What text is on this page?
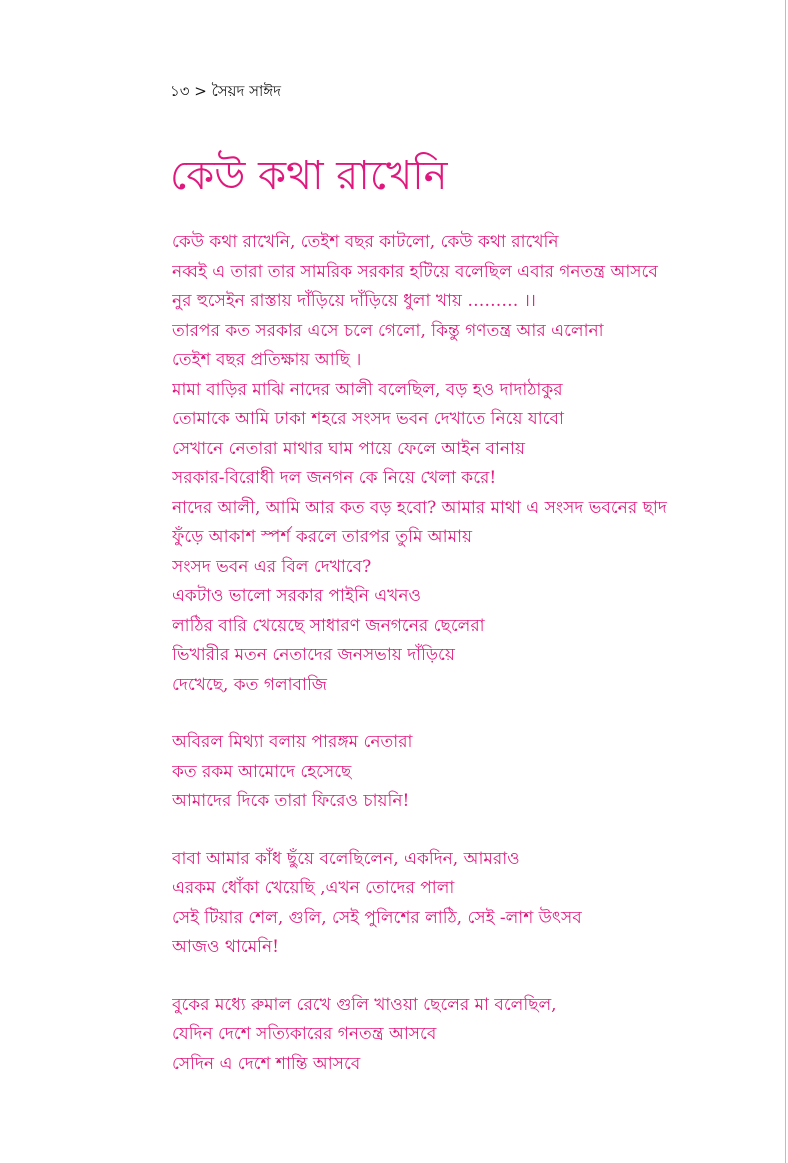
১৩ > সৈয়দ সাঈদ
কেউ কথা রাখেনি
কেউ কথা রাখেনি, তেইশ বছর কাটলো, কেউ কথা রাখেনি
নব্বই এ তারা তার সামরিক সরকার হটিয়ে বলেছিল এবার গনতন্ত্র আসবে
নুর হুসেইন রাস্তায় দাঁড়িয়ে দাঁড়িয়ে ধুলা খায় ……… ।।
তারপর কত সরকার এসে চলে গেলো, কিন্তু গণতন্ত্র আর এলোনা
তেইশ বছর প্রতিক্ষায় আছি ।
মামা বাড়ির মাঝি নাদের আলী বলেছিল, বড় হও দাদাঠাকুর
তোমাকে আমি ঢাকা শহরে সংসদ ভবন দেখাতে নিয়ে যাবো
সেখানে নেতারা মাথার ঘাম পায়ে ফেলে আইন বানায়
সরকার-বিরোধী দল জনগন কে নিয়ে খেলা করে!
নাদের আলী, আমি আর কত বড় হবো? আমার মাথা এ সংসদ ভবনের ছাদ
ফুঁড়ে আকাশ স্পর্শ করলে তারপর তুমি আমায়
সংসদ ভবন এর বিল দেখাবে?
একটাও ভালো সরকার পাইনি এখনও
লাঠির বারি খেয়েছে সাধারণ জনগনের ছেলেরা
ভিখারীর মতন নেতাদের জনসভায় দাঁড়িয়ে
দেখেছে, কত গলাবাজি
অবিরল মিথ্যা বলায় পারঙ্গম নেতারা
কত রকম আমোদে হেসেছে
আমাদের দিকে তারা ফিরেও চায়নি!
বাবা আমার কাঁধ ছুঁয়ে বলেছিলেন, একদিন, আমরাও
এরকম ধোঁকা খেয়েছি ,এখন তোদের পালা
সেই টিয়ার শেল, গুলি, সেই পুলিশের লাঠি, সেই -লাশ উৎসব
আজও থামেনি!
বুকের মধ্যে রুমাল রেখে গুলি খাওয়া ছেলের মা বলেছিল,
যেদিন দেশে সত্যিকারের গনতন্ত্র আসবে
সেদিন এ দেশে শান্তি আসবে
